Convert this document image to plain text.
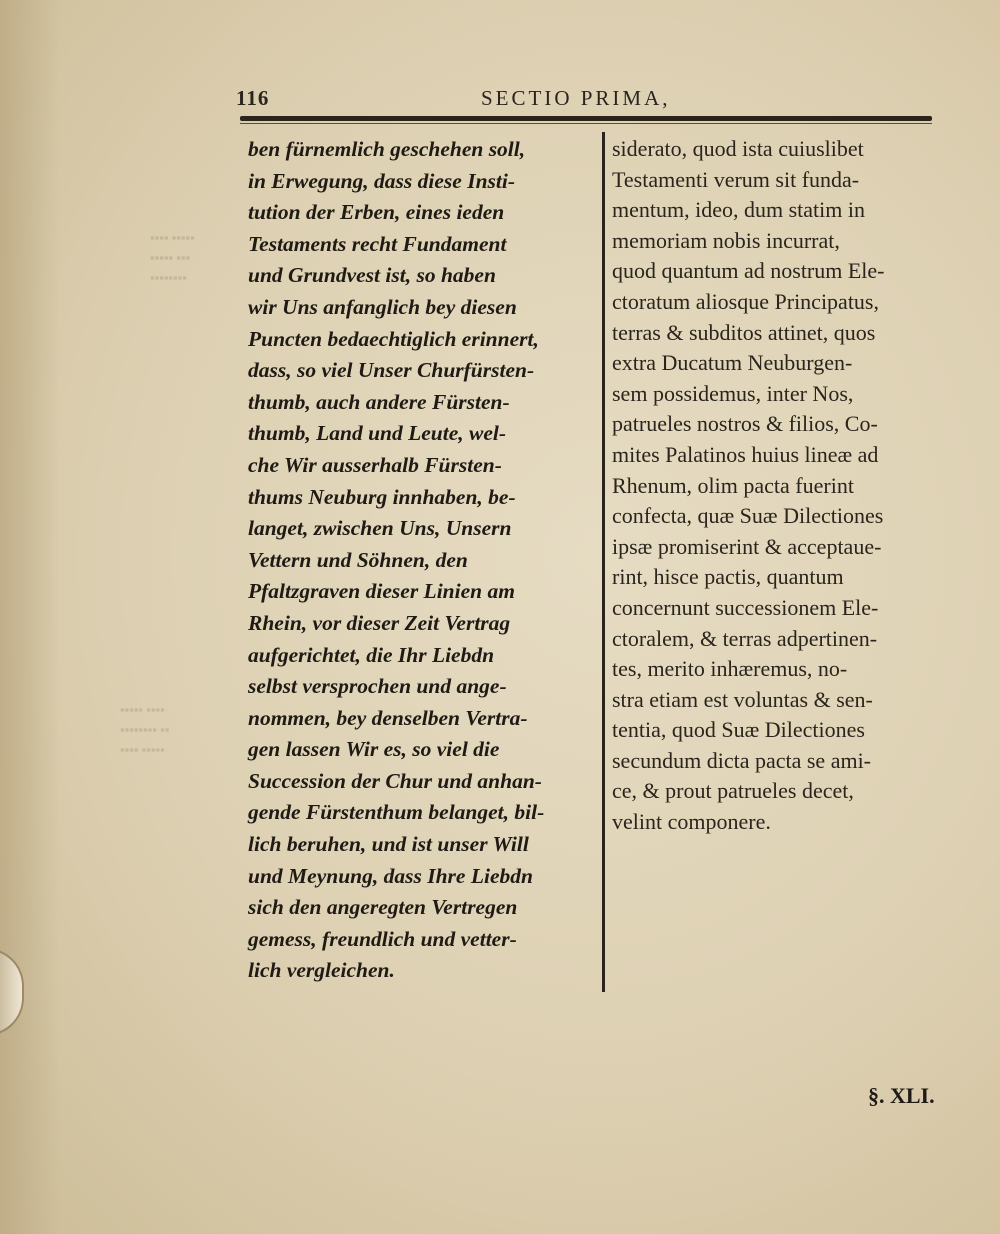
▪▪▪▪ ▪▪▪▪▪
▪▪▪▪▪ ▪▪▪
▪▪▪▪▪▪▪▪
▪▪▪▪▪ ▪▪▪▪
▪▪▪▪▪▪▪▪ ▪▪
▪▪▪▪ ▪▪▪▪▪
116	SECTIO PRIMA,
ben fürnemlich geschehen soll,
in Erwegung, dass diese Insti-
tution der Erben, eines ieden
Testaments recht Fundament
und Grundvest ist, so haben
wir Uns anfanglich bey diesen
Puncten bedaechtiglich erinnert,
dass, so viel Unser Churfürsten-
thumb, auch andere Fürsten-
thumb, Land und Leute, wel-
che Wir ausserhalb Fürsten-
thums Neuburg innhaben, be-
langet, zwischen Uns, Unsern
Vettern und Söhnen, den
Pfaltzgraven dieser Linien am
Rhein, vor dieser Zeit Vertrag
aufgerichtet, die Ihr Liebdn
selbst versprochen und ange-
nommen, bey denselben Vertra-
gen lassen Wir es, so viel die
Succession der Chur und anhan-
gende Fürstenthum belanget, bil-
lich beruhen, und ist unser Will
und Meynung, dass Ihre Liebdn
sich den angeregten Vertregen
gemess, freundlich und vetter-
lich vergleichen.
siderato, quod ista cuiuslibet
Testamenti verum sit funda-
mentum, ideo, dum statim in
memoriam nobis incurrat,
quod quantum ad nostrum Ele-
ctoratum aliosque Principatus,
terras & subditos attinet, quos
extra Ducatum Neuburgen-
sem possidemus, inter Nos,
patrueles nostros & filios, Co-
mites Palatinos huius lineæ ad
Rhenum, olim pacta fuerint
confecta, quæ Suæ Dilectiones
ipsæ promiserint & acceptaue-
rint, hisce pactis, quantum
concernunt successionem Ele-
ctoralem, & terras adpertinen-
tes, merito inhæremus, no-
stra etiam est voluntas & sen-
tentia, quod Suæ Dilectiones
secundum dicta pacta se ami-
ce, & prout patrueles decet,
velint componere.
§. XLI.
